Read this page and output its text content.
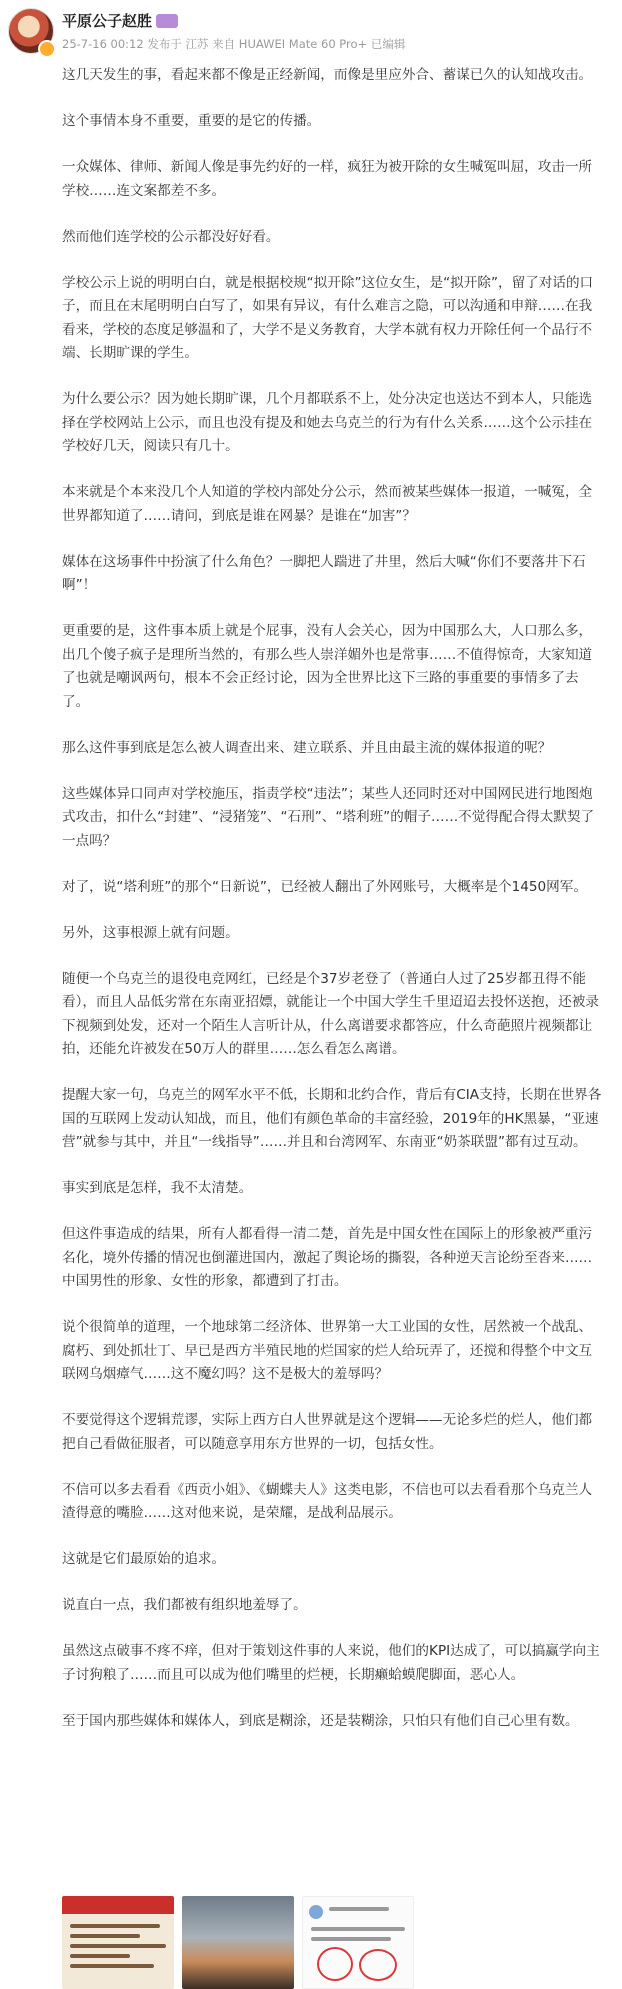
平原公子赵胜
25-7-16 00:12 发布于 江苏 来自 HUAWEI Mate 60 Pro+ 已编辑

这几天发生的事，看起来都不像是正经新闻，而像是里应外合、蓄谋已久的认知战攻击。

这个事情本身不重要，重要的是它的传播。

一众媒体、律师、新闻人像是事先约好的一样，疯狂为被开除的女生喊冤叫屈，攻击一所学校……连文案都差不多。

然而他们连学校的公示都没好好看。

学校公示上说的明明白白，就是根据校规“拟开除”这位女生，是“拟开除”，留了对话的口子，而且在末尾明明白白写了，如果有异议，有什么难言之隐，可以沟通和申辩……在我看来，学校的态度足够温和了，大学不是义务教育，大学本就有权力开除任何一个品行不端、长期旷课的学生。

为什么要公示？因为她长期旷课，几个月都联系不上，处分决定也送达不到本人，只能选择在学校网站上公示，而且也没有提及和她去乌克兰的行为有什么关系……这个公示挂在学校好几天，阅读只有几十。

本来就是个本来没几个人知道的学校内部处分公示，然而被某些媒体一报道，一喊冤，全世界都知道了……请问，到底是谁在网暴？是谁在“加害”？

媒体在这场事件中扮演了什么角色？一脚把人踹进了井里，然后大喊“你们不要落井下石啊”！

更重要的是，这件事本质上就是个屁事，没有人会关心，因为中国那么大，人口那么多，出几个傻子疯子是理所当然的，有那么些人崇洋媚外也是常事……不值得惊奇，大家知道了也就是嘲讽两句，根本不会正经讨论，因为全世界比这下三路的事重要的事情多了去了。

那么这件事到底是怎么被人调查出来、建立联系、并且由最主流的媒体报道的呢？

这些媒体异口同声对学校施压，指责学校“违法”；某些人还同时还对中国网民进行地图炮式攻击，扣什么“封建”、“浸猪笼”、“石刑”、“塔利班”的帽子……不觉得配合得太默契了一点吗？

对了，说“塔利班”的那个“日新说”，已经被人翻出了外网账号，大概率是个1450网军。

另外，这事根源上就有问题。

随便一个乌克兰的退役电竞网红，已经是个37岁老登了（普通白人过了25岁都丑得不能看），而且人品低劣常在东南亚招嫖，就能让一个中国大学生千里迢迢去投怀送抱，还被录下视频到处发，还对一个陌生人言听计从，什么离谱要求都答应，什么奇葩照片视频都让拍，还能允许被发在50万人的群里……怎么看怎么离谱。

提醒大家一句，乌克兰的网军水平不低，长期和北约合作，背后有CIA支持，长期在世界各国的互联网上发动认知战，而且，他们有颜色革命的丰富经验，2019年的HK黑暴，“亚速营”就参与其中，并且“一线指导”……并且和台湾网军、东南亚“奶茶联盟”都有过互动。

事实到底是怎样，我不太清楚。

但这件事造成的结果，所有人都看得一清二楚，首先是中国女性在国际上的形象被严重污名化，境外传播的情况也倒灌进国内，激起了舆论场的撕裂，各种逆天言论纷至沓来……中国男性的形象、女性的形象，都遭到了打击。

说个很简单的道理，一个地球第二经济体、世界第一大工业国的女性，居然被一个战乱、腐朽、到处抓壮丁、早已是西方半殖民地的烂国家的烂人给玩弄了，还搅和得整个中文互联网乌烟瘴气……这不魔幻吗？这不是极大的羞辱吗？

不要觉得这个逻辑荒谬，实际上西方白人世界就是这个逻辑——无论多烂的烂人，他们都把自己看做征服者，可以随意享用东方世界的一切，包括女性。

不信可以多去看看《西贡小姐》、《蝴蝶夫人》这类电影，不信也可以去看看那个乌克兰人渣得意的嘴脸……这对他来说，是荣耀，是战利品展示。

这就是它们最原始的追求。

说直白一点，我们都被有组织地羞辱了。

虽然这点破事不疼不痒，但对于策划这件事的人来说，他们的KPI达成了，可以搞赢学向主子讨狗粮了……而且可以成为他们嘴里的烂梗，长期癞蛤蟆爬脚面，恶心人。

至于国内那些媒体和媒体人，到底是糊涂，还是装糊涂，只怕只有他们自己心里有数。
